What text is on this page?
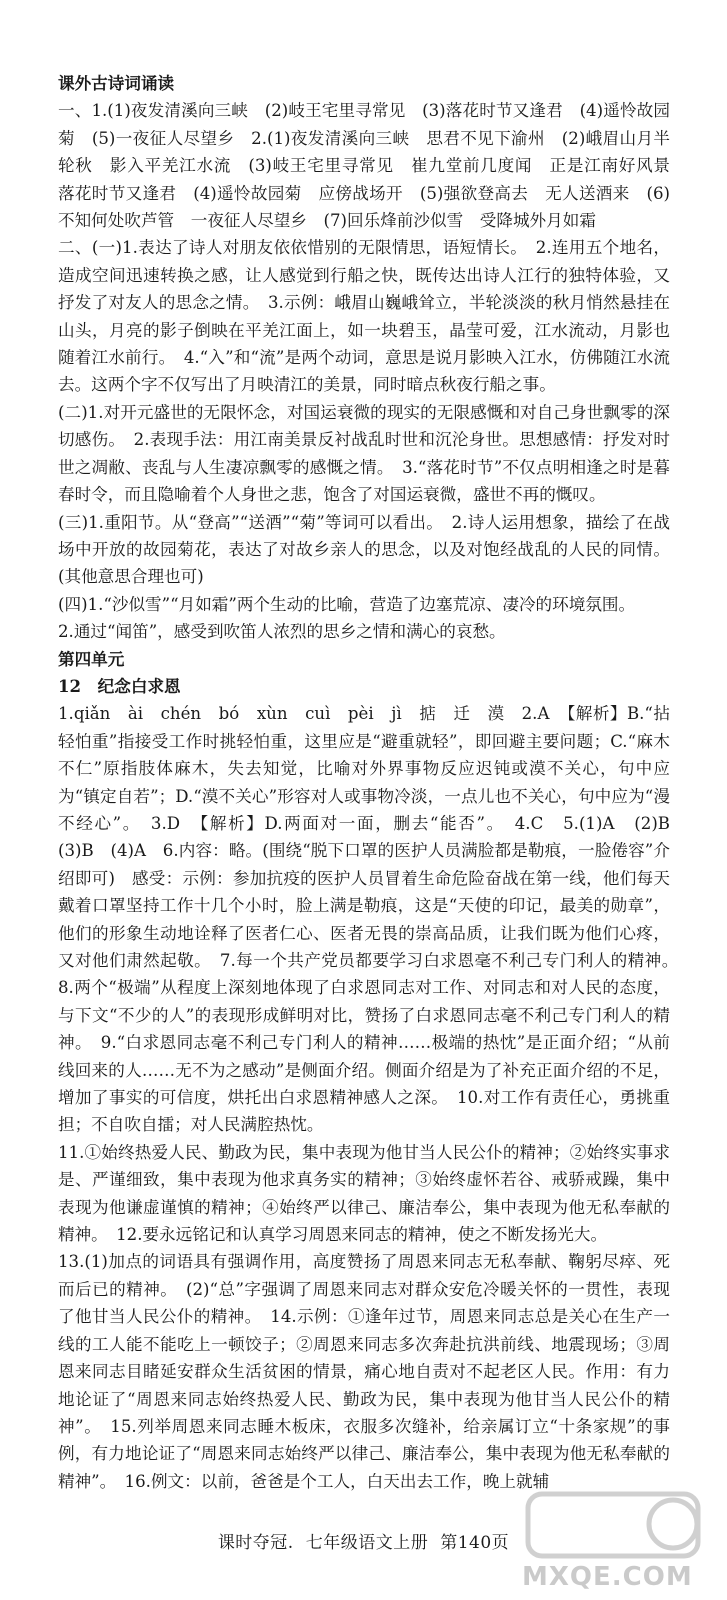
课外古诗词诵读

一、1.(1)夜发清溪向三峡　(2)岐王宅里寻常见　(3)落花时节又逢君　(4)遥怜故园菊　(5)一夜征人尽望乡　2.(1)夜发清溪向三峡　思君不见下渝州　(2)峨眉山月半轮秋　影入平羌江水流　(3)岐王宅里寻常见　崔九堂前几度闻　正是江南好风景　落花时节又逢君　(4)遥怜故园菊　应傍战场开　(5)强欲登高去　无人送酒来　(6)不知何处吹芦管　一夜征人尽望乡　(7)回乐烽前沙似雪　受降城外月如霜

二、(一)1.表达了诗人对朋友依依惜别的无限情思，语短情长。　2.连用五个地名，造成空间迅速转换之感，让人感觉到行船之快，既传达出诗人江行的独特体验，又抒发了对友人的思念之情。　3.示例：峨眉山巍峨耸立，半轮淡淡的秋月悄然悬挂在山头，月亮的影子倒映在平羌江面上，如一块碧玉，晶莹可爱，江水流动，月影也随着江水前行。　4.“入”和“流”是两个动词，意思是说月影映入江水，仿佛随江水流去。这两个字不仅写出了月映清江的美景，同时暗点秋夜行船之事。

(二)1.对开元盛世的无限怀念，对国运衰微的现实的无限感慨和对自己身世飘零的深切感伤。　2.表现手法：用江南美景反衬战乱时世和沉沦身世。思想感情：抒发对时世之凋敝、丧乱与人生凄凉飘零的感慨之情。　3.“落花时节”不仅点明相逢之时是暮春时令，而且隐喻着个人身世之悲，饱含了对国运衰微，盛世不再的慨叹。

(三)1.重阳节。从“登高”“送酒”“菊”等词可以看出。　2.诗人运用想象，描绘了在战场中开放的故园菊花，表达了对故乡亲人的思念，以及对饱经战乱的人民的同情。(其他意思合理也可)

(四)1.“沙似雪”“月如霜”两个生动的比喻，营造了边塞荒凉、凄冷的环境氛围。

2.通过“闻笛”，感受到吹笛人浓烈的思乡之情和满心的哀愁。

第四单元

12　纪念白求恩

1.qiǎn　ài　chén　bó　xùn　cuì　pèi　jì　掂　迁　漠　2.A　【解析】B.“拈轻怕重”指接受工作时挑轻怕重，这里应是“避重就轻”，即回避主要问题；C.“麻木不仁”原指肢体麻木，失去知觉，比喻对外界事物反应迟钝或漠不关心，句中应为“镇定自若”；D.“漠不关心”形容对人或事物冷淡，一点儿也不关心，句中应为“漫不经心”。　3.D　【解析】D.两面对一面，删去“能否”。　4.C　5.(1)A　(2)B　(3)B　(4)A　6.内容：略。(围绕“脱下口罩的医护人员满脸都是勒痕，一脸倦容”介绍即可)　感受：示例：参加抗疫的医护人员冒着生命危险奋战在第一线，他们每天戴着口罩坚持工作十几个小时，脸上满是勒痕，这是“天使的印记，最美的勋章”，他们的形象生动地诠释了医者仁心、医者无畏的崇高品质，让我们既为他们心疼，又对他们肃然起敬。　7.每一个共产党员都要学习白求恩毫不利己专门利人的精神。　8.两个“极端”从程度上深刻地体现了白求恩同志对工作、对同志和对人民的态度，与下文“不少的人”的表现形成鲜明对比，赞扬了白求恩同志毫不利己专门利人的精神。　9.“白求恩同志毫不利己专门利人的精神……极端的热忱”是正面介绍；“从前线回来的人……无不为之感动”是侧面介绍。侧面介绍是为了补充正面介绍的不足，增加了事实的可信度，烘托出白求恩精神感人之深。　10.对工作有责任心，勇挑重担；不自吹自擂；对人民满腔热忱。

11.①始终热爱人民、勤政为民，集中表现为他甘当人民公仆的精神；②始终实事求是、严谨细致，集中表现为他求真务实的精神；③始终虚怀若谷、戒骄戒躁，集中表现为他谦虚谨慎的精神；④始终严以律己、廉洁奉公，集中表现为他无私奉献的精神。　12.要永远铭记和认真学习周恩来同志的精神，使之不断发扬光大。

13.(1)加点的词语具有强调作用，高度赞扬了周恩来同志无私奉献、鞠躬尽瘁、死而后已的精神。　(2)“总”字强调了周恩来同志对群众安危冷暖关怀的一贯性，表现了他甘当人民公仆的精神。　14.示例：①逢年过节，周恩来同志总是关心在生产一线的工人能不能吃上一顿饺子；②周恩来同志多次奔赴抗洪前线、地震现场；③周恩来同志目睹延安群众生活贫困的情景，痛心地自责对不起老区人民。作用：有力地论证了“周恩来同志始终热爱人民、勤政为民，集中表现为他甘当人民公仆的精神”。　15.列举周恩来同志睡木板床，衣服多次缝补，给亲属订立“十条家规”的事例，有力地论证了“周恩来同志始终严以律己、廉洁奉公，集中表现为他无私奉献的精神”。　16.例文：以前，爸爸是个工人，白天出去工作，晚上就辅

课时夺冠. 七年级语文上册 第140页
MXQE.COM
